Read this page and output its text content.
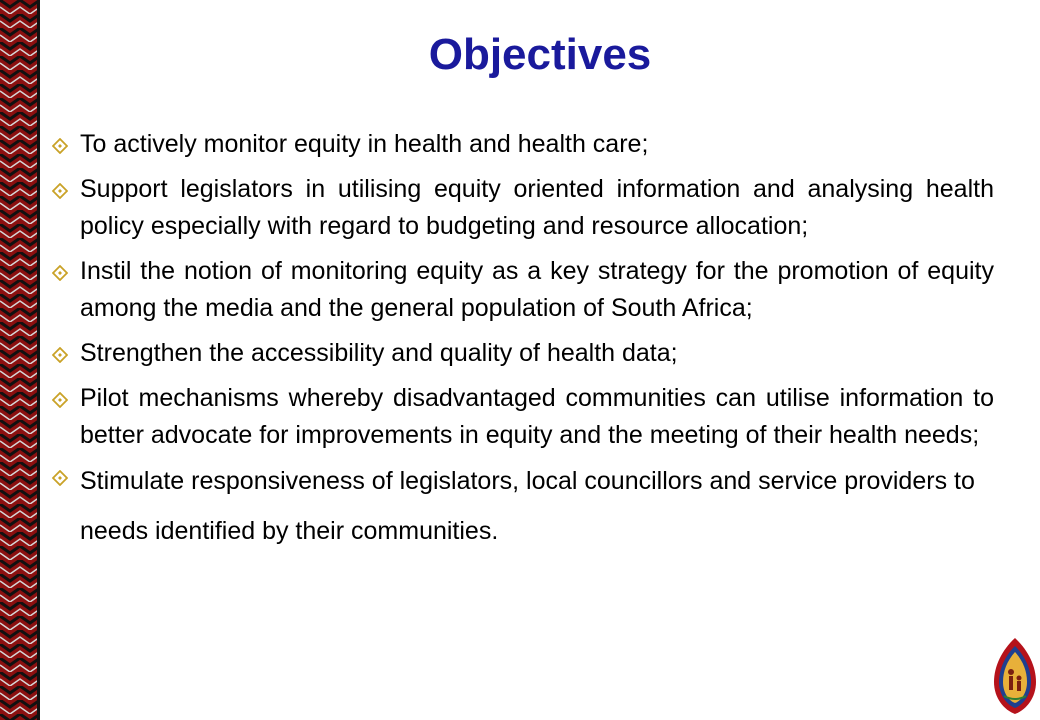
Objectives
To actively monitor equity in health and health care;
Support legislators in utilising equity oriented information and analysing health policy especially with regard to budgeting and resource allocation;
Instil the notion of monitoring equity as a key strategy for the promotion of equity among the media and the general population of South Africa;
Strengthen the accessibility and quality of health data;
Pilot mechanisms whereby disadvantaged communities can utilise information to better advocate for improvements in equity and the meeting of their health needs;
Stimulate responsiveness of legislators, local councillors and service providers to needs identified by their communities.
